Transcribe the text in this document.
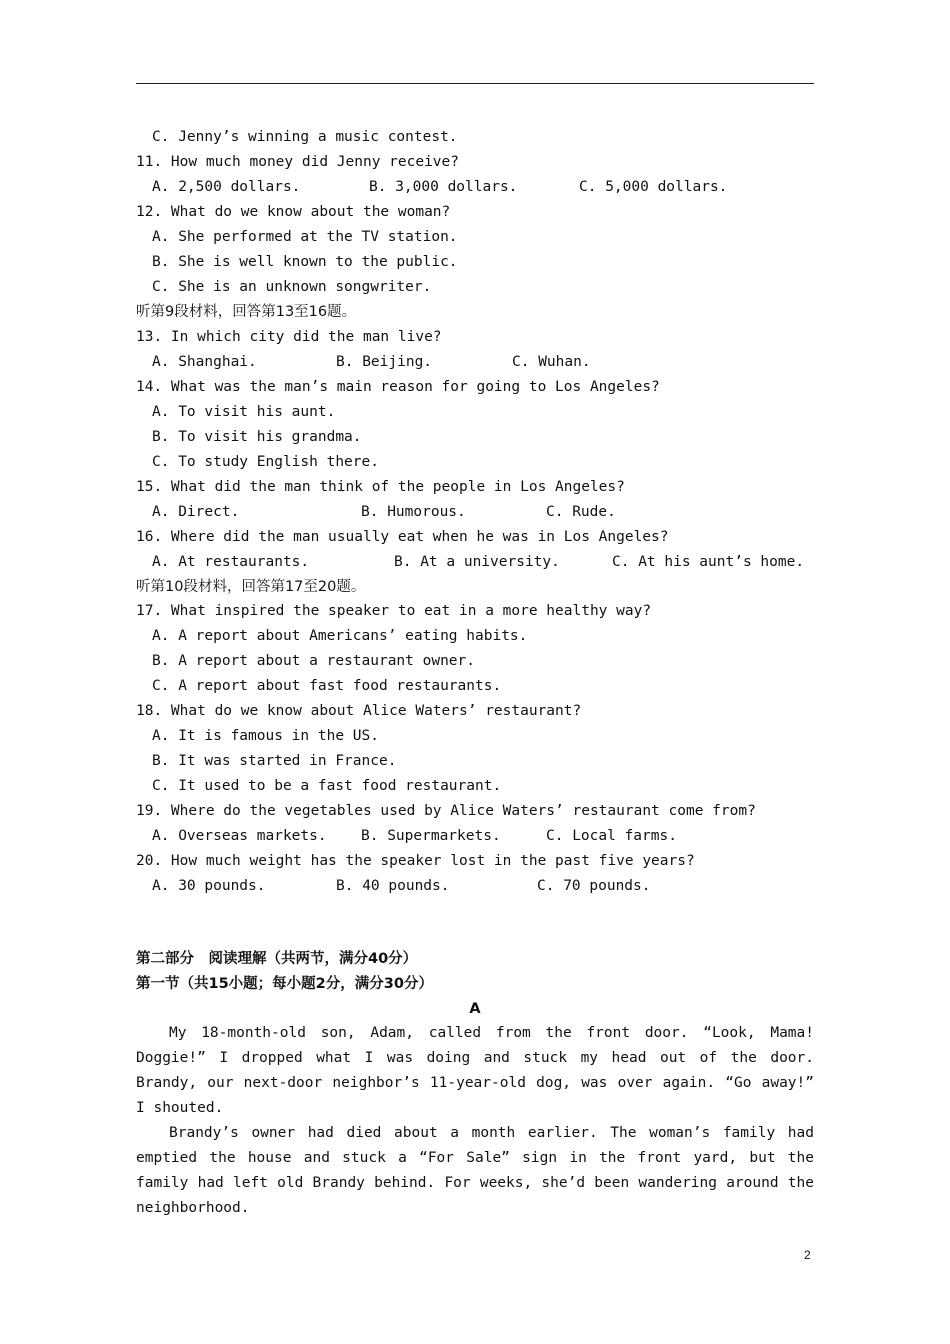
C. Jenny’s winning a music contest.
11. How much money did Jenny receive?
A. 2,500 dollars.	B. 3,000 dollars.	C. 5,000 dollars.
12. What do we know about the woman?
A. She performed at the TV station.
B. She is well known to the public.
C. She is an unknown songwriter.
听第9段材料，回答第13至16题。
13. In which city did the man live?
A. Shanghai.	B. Beijing.	C. Wuhan.
14. What was the man’s main reason for going to Los Angeles?
A. To visit his aunt.
B. To visit his grandma.
C. To study English there.
15. What did the man think of the people in Los Angeles?
A. Direct.	B. Humorous.	C. Rude.
16. Where did the man usually eat when he was in Los Angeles?
A. At restaurants.	B. At a university.	C. At his aunt’s home.
听第10段材料，回答第17至20题。
17. What inspired the speaker to eat in a more healthy way?
A. A report about Americans’ eating habits.
B. A report about a restaurant owner.
C. A report about fast food restaurants.
18. What do we know about Alice Waters’ restaurant?
A. It is famous in the US.
B. It was started in France.
C. It used to be a fast food restaurant.
19. Where do the vegetables used by Alice Waters’ restaurant come from?
A. Overseas markets. B. Supermarkets.	C. Local farms.
20. How much weight has the speaker lost in the past five years?
A. 30 pounds.	B. 40 pounds.	C. 70 pounds.
第二部分　阅读理解（共两节，满分40分）
第一节（共15小题；每小题2分，满分30分）
A
My 18-month-old son, Adam, called from the front door. “Look, Mama! Doggie!” I dropped what I was doing and stuck my head out of the door. Brandy, our next-door neighbor’s 11-year-old dog, was over again. “Go away!” I shouted.
Brandy’s owner had died about a month earlier. The woman’s family had emptied the house and stuck a “For Sale” sign in the front yard, but the family had left old Brandy behind. For weeks, she’d been wandering around the neighborhood.
2
